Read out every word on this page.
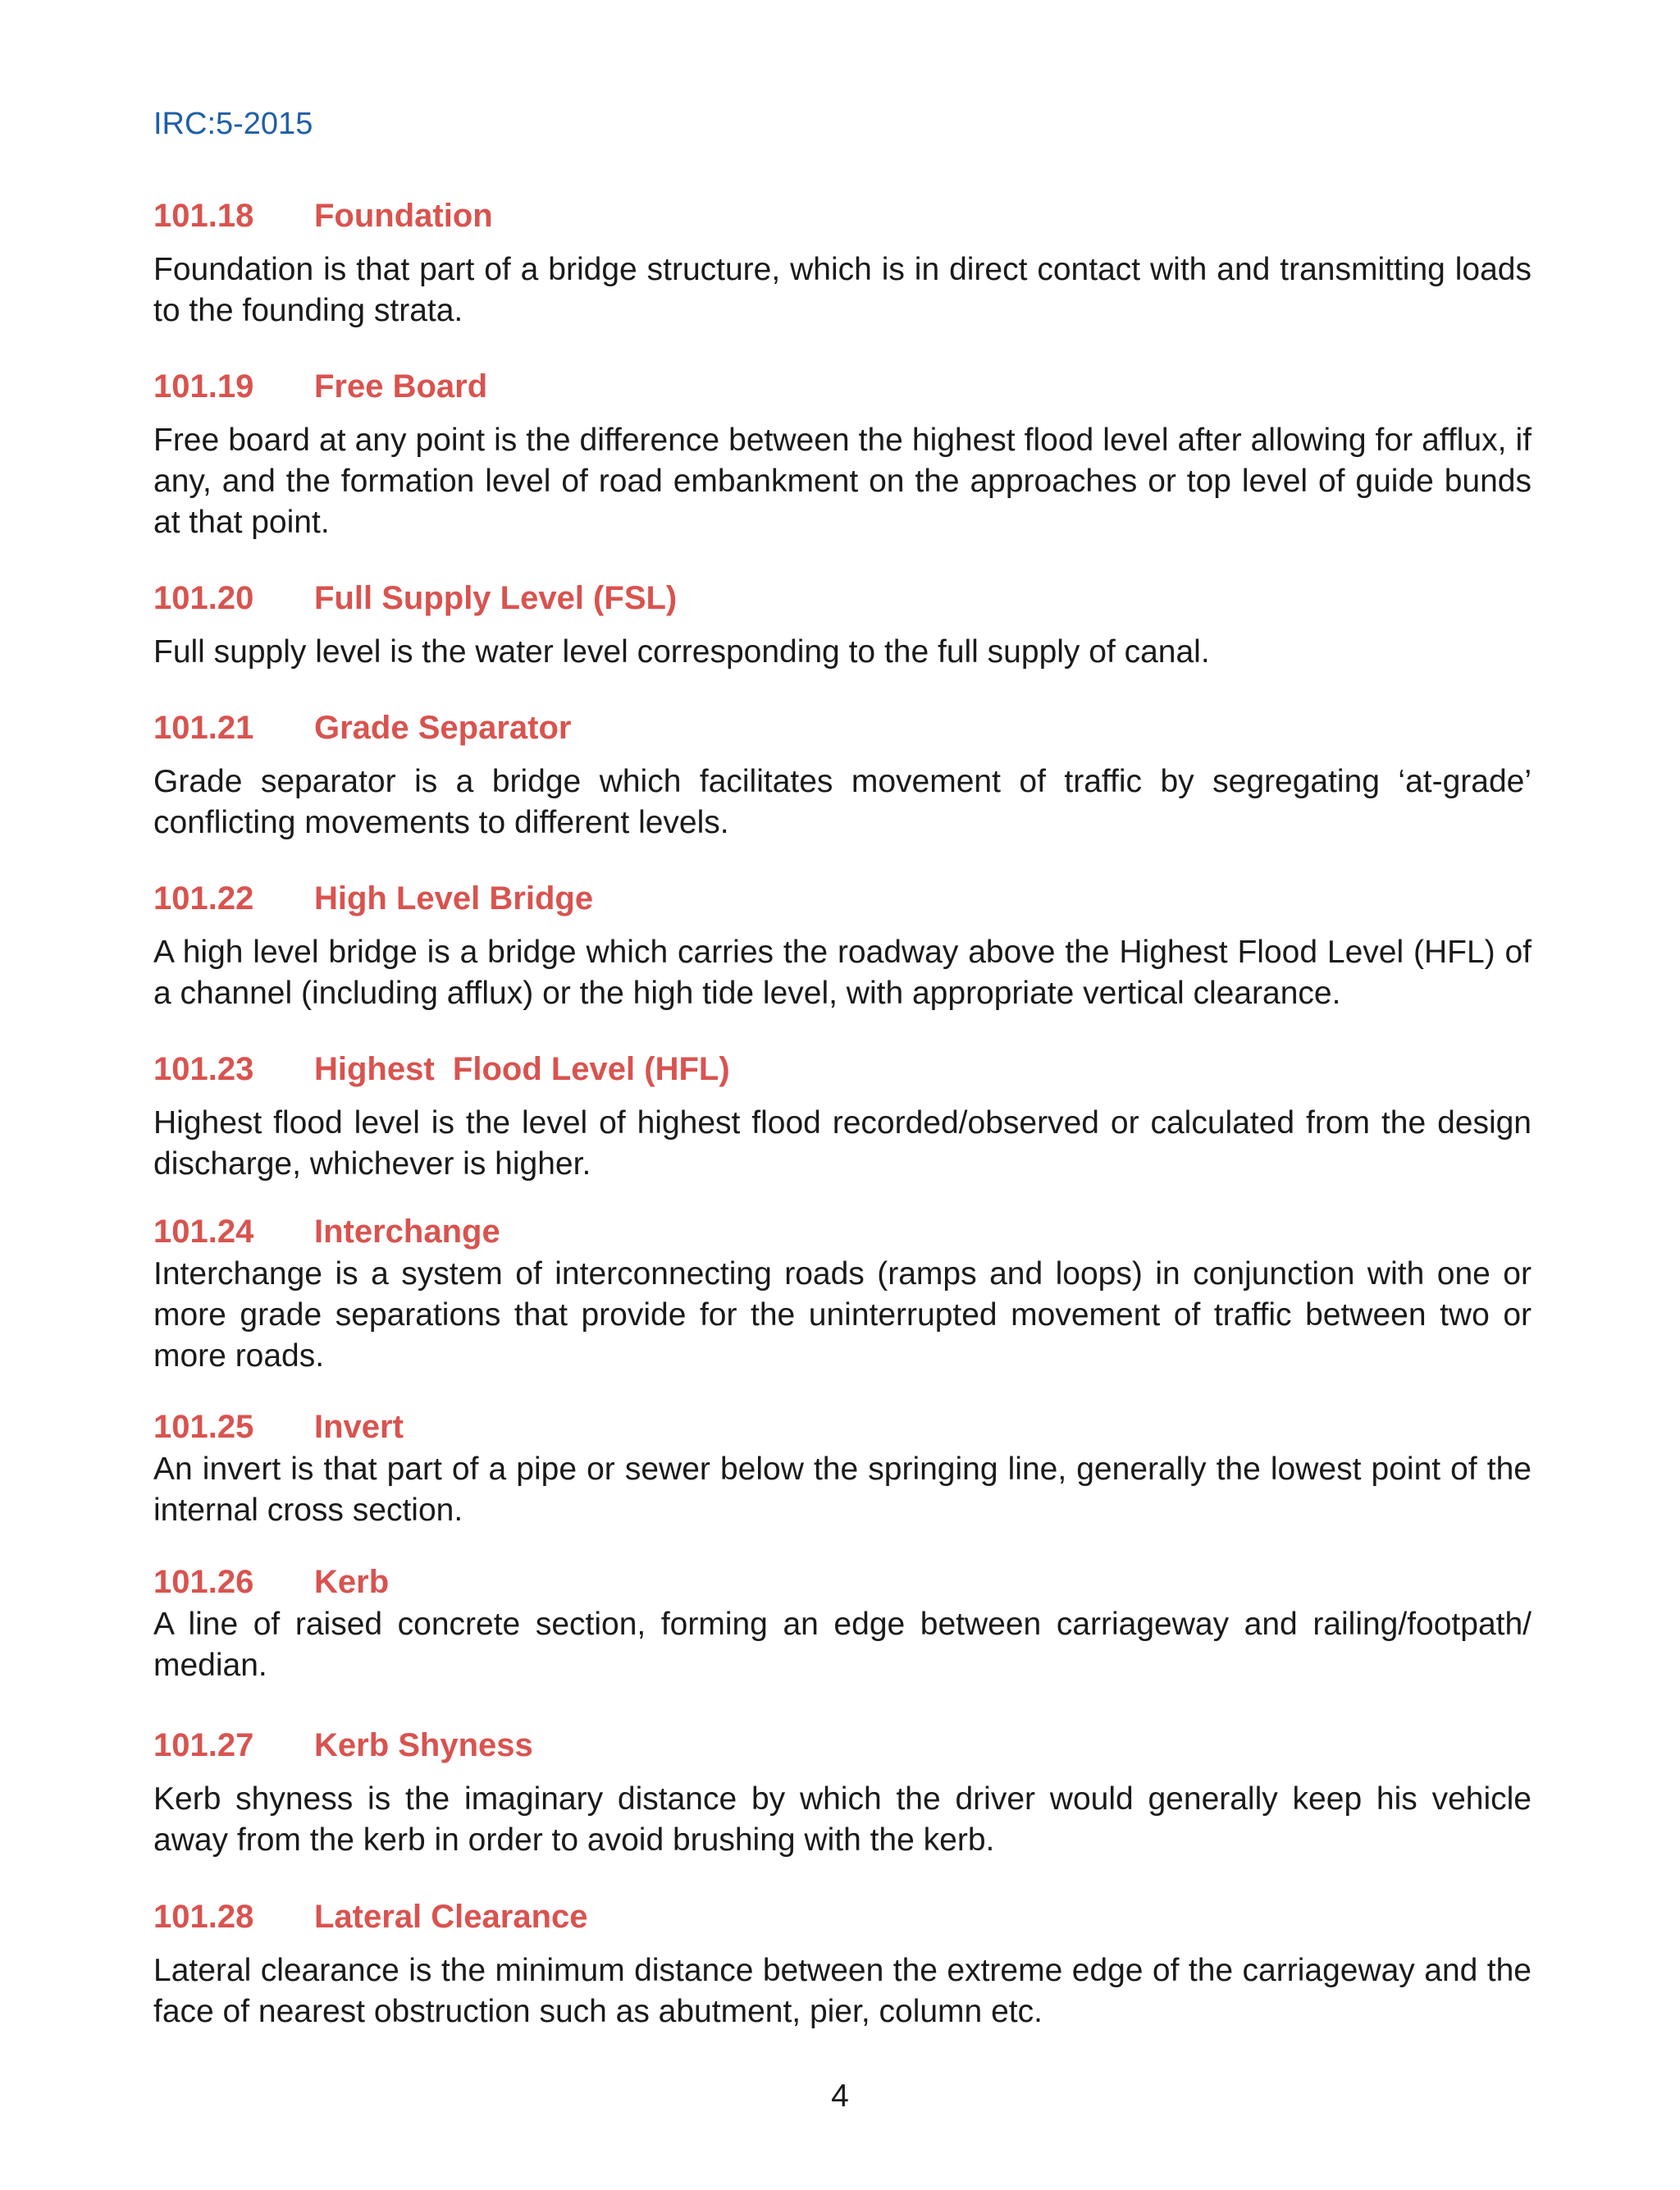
IRC:5-2015
101.18 Foundation

Foundation is that part of a bridge structure, which is in direct contact with and transmitting loads to the founding strata.

101.19 Free Board

Free board at any point is the difference between the highest flood level after allowing for afflux, if any, and the formation level of road embankment on the approaches or top level of guide bunds at that point.

101.20 Full Supply Level (FSL)

Full supply level is the water level corresponding to the full supply of canal.

101.21 Grade Separator

Grade separator is a bridge which facilitates movement of traffic by segregating ‘at-grade’ conflicting movements to different levels.

101.22 High Level Bridge

A high level bridge is a bridge which carries the roadway above the Highest Flood Level (HFL) of a channel (including afflux) or the high tide level, with appropriate vertical clearance.

101.23 Highest  Flood Level (HFL)

Highest flood level is the level of highest flood recorded/observed or calculated from the design discharge, whichever is higher.

101.24 Interchange

Interchange is a system of interconnecting roads (ramps and loops) in conjunction with one or more grade separations that provide for the uninterrupted movement of traffic between two or more roads.

101.25 Invert

An invert is that part of a pipe or sewer below the springing line, generally the lowest point of the internal cross section.

101.26 Kerb

A line of raised concrete section, forming an edge between carriageway and railing/footpath/ median.

101.27 Kerb Shyness

Kerb shyness is the imaginary distance by which the driver would generally keep his vehicle away from the kerb in order to avoid brushing with the kerb.

101.28 Lateral Clearance

Lateral clearance is the minimum distance between the extreme edge of the carriageway and the face of nearest obstruction such as abutment, pier, column etc.

4
